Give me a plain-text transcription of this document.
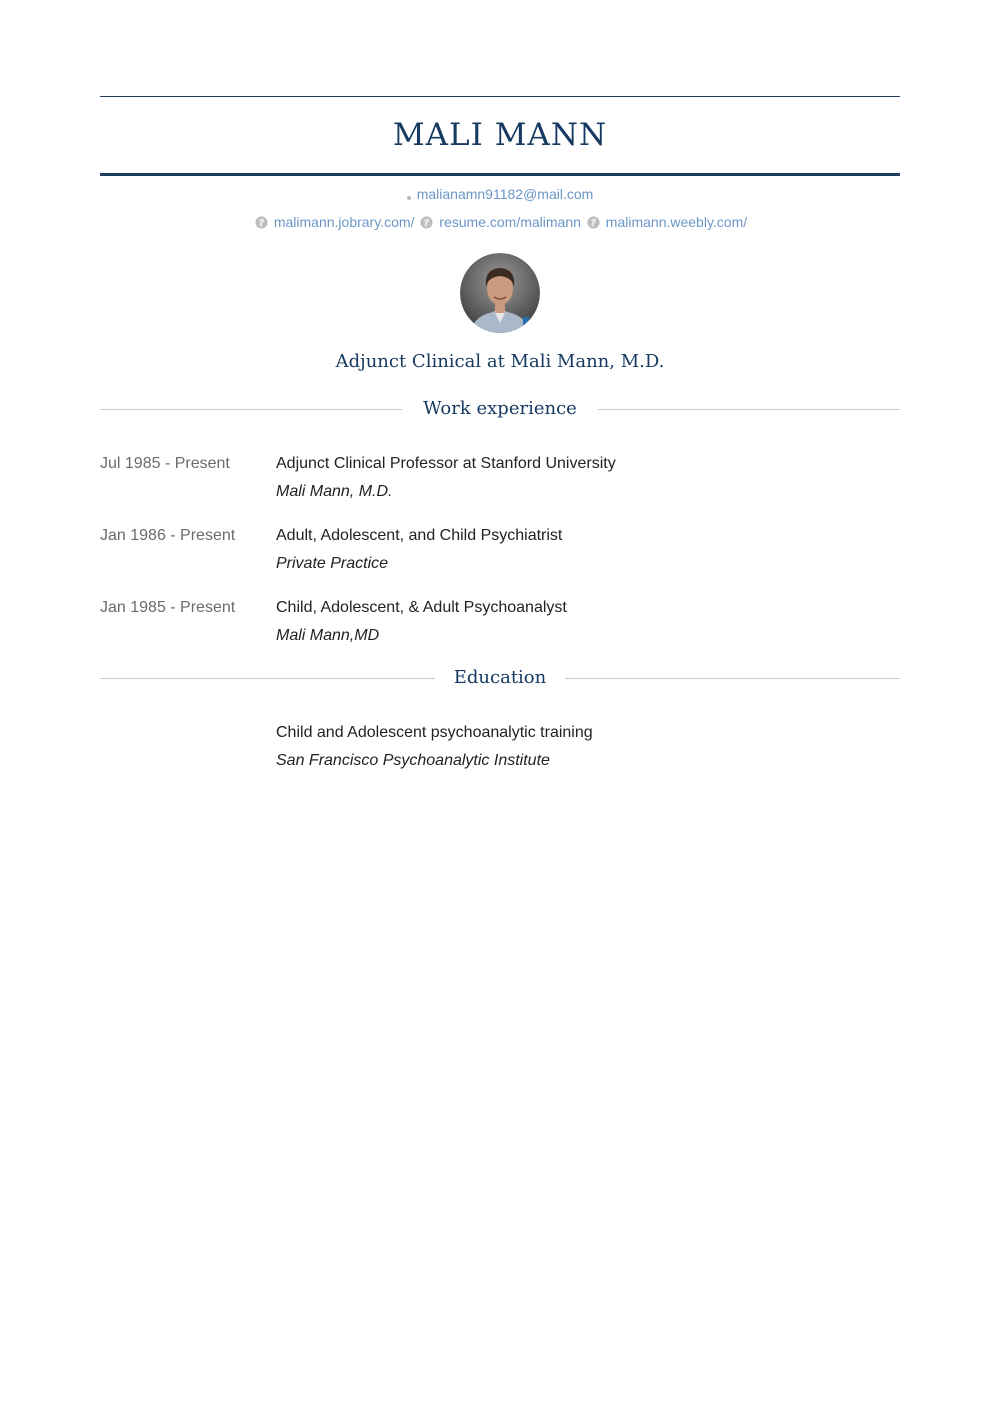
MALI MANN
malianamn91182@mail.com
malimann.jobrary.com/ resume.com/malimann malimann.weebly.com/
Adjunct Clinical at Mali Mann, M.D.
Work experience
Jul 1985 - Present	Adjunct Clinical Professor at Stanford University
Mali Mann, M.D.
Jan 1986 - Present	Adult, Adolescent, and Child Psychiatrist
Private Practice
Jan 1985 - Present	Child, Adolescent, & Adult Psychoanalyst
Mali Mann,MD
Education
Child and Adolescent psychoanalytic training
San Francisco Psychoanalytic Institute
